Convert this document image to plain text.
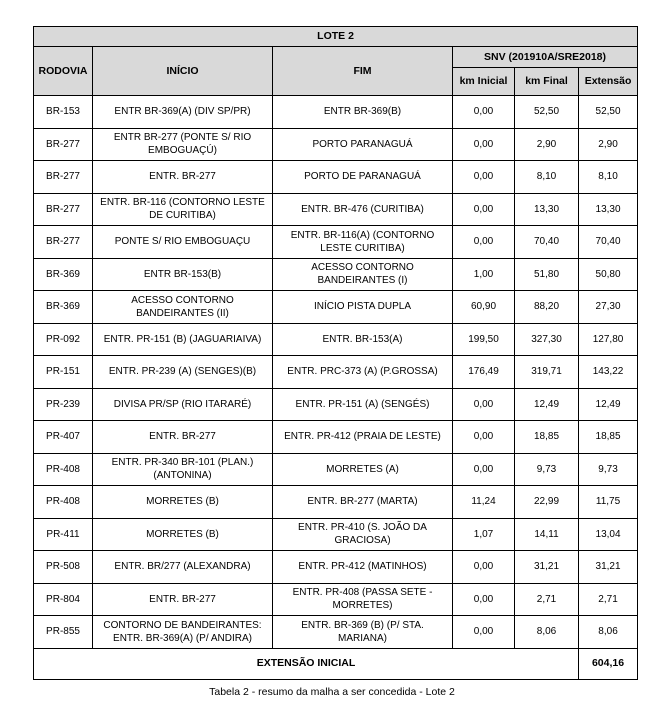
LOTE 2					
RODOVIA	INÍCIO	FIM	SNV (201910A/SRE2018)		
			km Inicial	km Final	Extensão
BR-153	ENTR BR-369(A) (DIV SP/PR)	ENTR BR-369(B)	0,00	52,50	52,50
BR-277	ENTR BR-277 (PONTE S/ RIO EMBOGUAÇÚ)	PORTO PARANAGUÁ	0,00	2,90	2,90
BR-277	ENTR. BR-277	PORTO DE PARANAGUÁ	0,00	8,10	8,10
BR-277	ENTR. BR-116 (CONTORNO LESTE DE CURITIBA)	ENTR. BR-476 (CURITIBA)	0,00	13,30	13,30
BR-277	PONTE S/ RIO EMBOGUAÇU	ENTR. BR-116(A) (CONTORNO LESTE CURITIBA)	0,00	70,40	70,40
BR-369	ENTR BR-153(B)	ACESSO CONTORNO BANDEIRANTES (I)	1,00	51,80	50,80
BR-369	ACESSO CONTORNO BANDEIRANTES (II)	INÍCIO PISTA DUPLA	60,90	88,20	27,30
PR-092	ENTR. PR-151 (B) (JAGUARIAIVA)	ENTR. BR-153(A)	199,50	327,30	127,80
PR-151	ENTR. PR-239 (A) (SENGES)(B)	ENTR. PRC-373 (A) (P.GROSSA)	176,49	319,71	143,22
PR-239	DIVISA PR/SP (RIO ITARARÉ)	ENTR. PR-151 (A) (SENGÉS)	0,00	12,49	12,49
PR-407	ENTR. BR-277	ENTR. PR-412 (PRAIA DE LESTE)	0,00	18,85	18,85
PR-408	ENTR. PR-340 BR-101 (PLAN.) (ANTONINA)	MORRETES (A)	0,00	9,73	9,73
PR-408	MORRETES (B)	ENTR. BR-277 (MARTA)	11,24	22,99	11,75
PR-411	MORRETES (B)	ENTR. PR-410 (S. JOÃO DA GRACIOSA)	1,07	14,11	13,04
PR-508	ENTR. BR/277 (ALEXANDRA)	ENTR. PR-412 (MATINHOS)	0,00	31,21	31,21
PR-804	ENTR. BR-277	ENTR. PR-408 (PASSA SETE - MORRETES)	0,00	2,71	2,71
PR-855	CONTORNO DE BANDEIRANTES: ENTR. BR-369(A) (P/ ANDIRA)	ENTR. BR-369 (B) (P/ STA. MARIANA)	0,00	8,06	8,06
EXTENSÃO INICIAL					604,16
Tabela 2 - resumo da malha a ser concedida - Lote 2
